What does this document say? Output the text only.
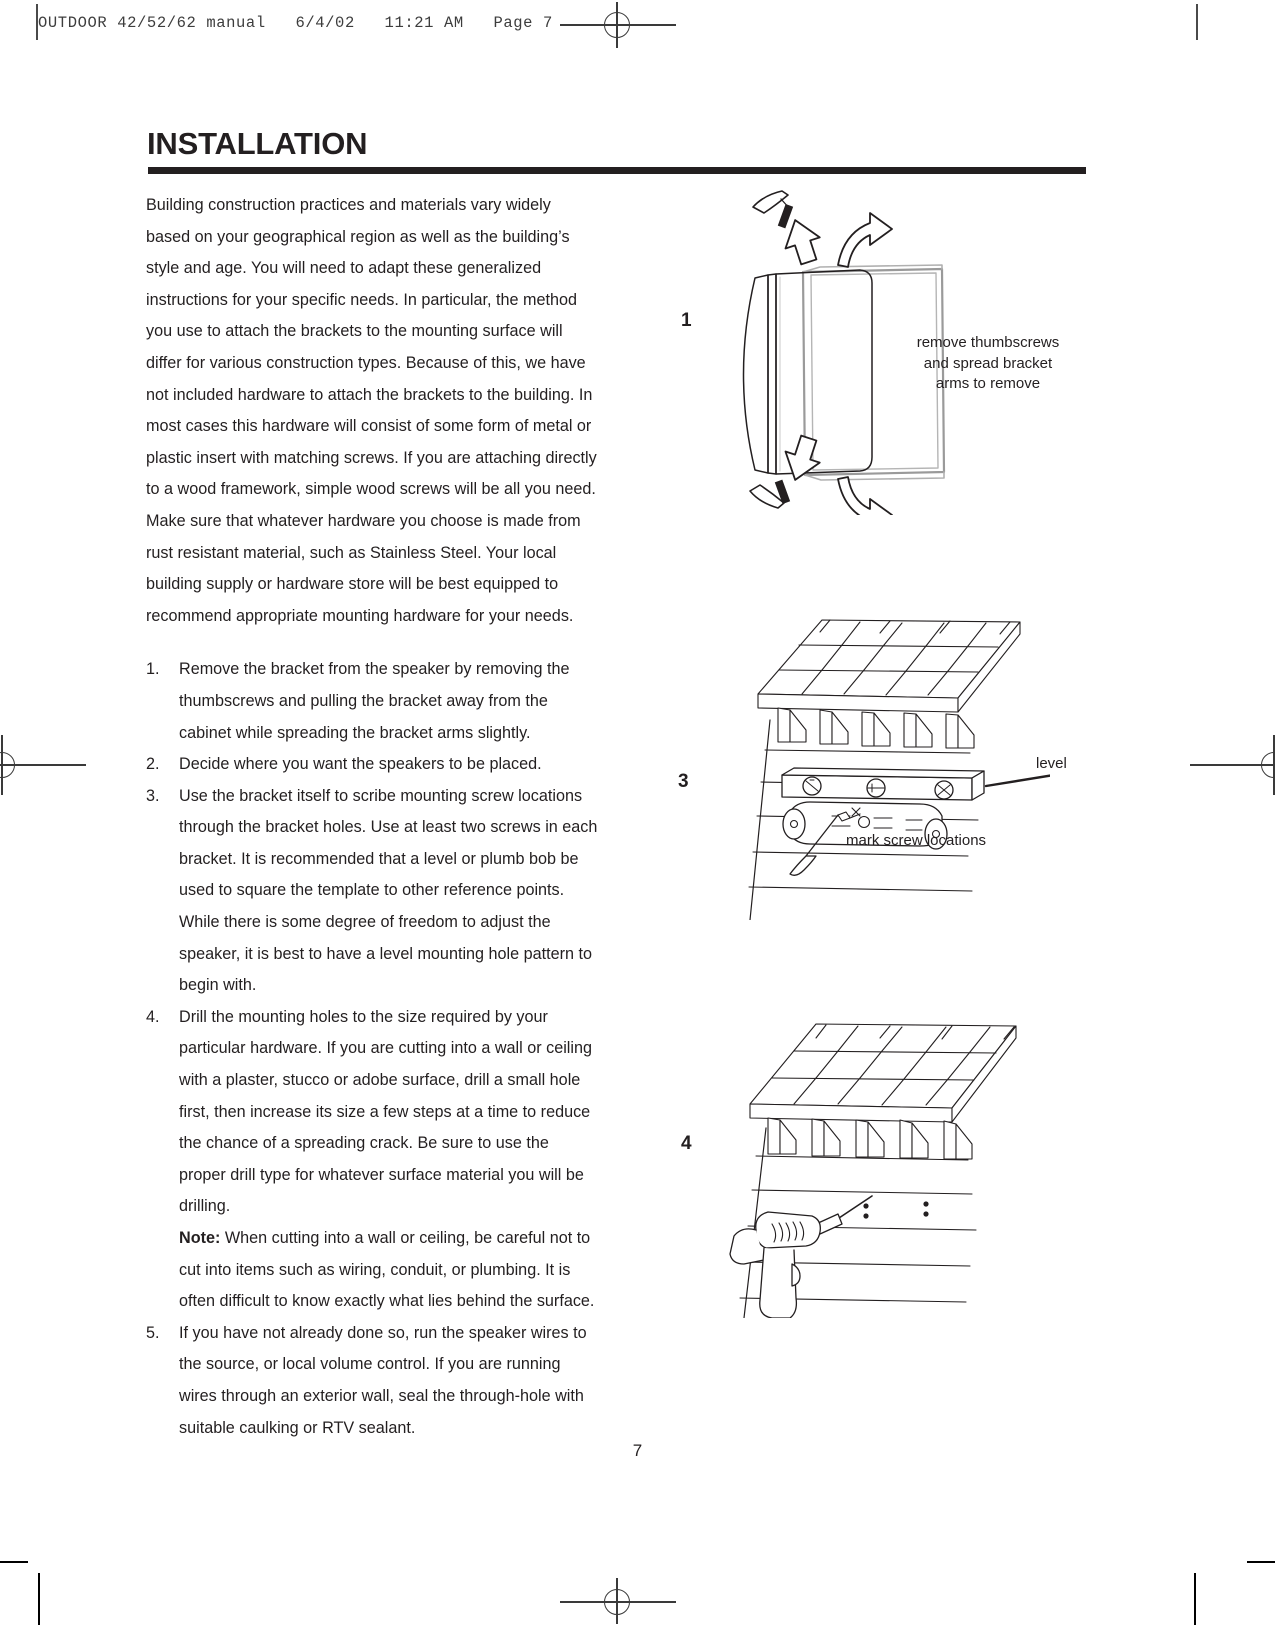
OUTDOOR 42/52/62 manual   6/4/02   11:21 AM   Page 7
INSTALLATION

Building construction practices and materials vary widely based on your geographical region as well as the building’s style and age. You will need to adapt these generalized instructions for your specific needs. In particular, the method you use to attach the brackets to the mounting surface will differ for various construction types. Because of this, we have not included hardware to attach the brackets to the building. In most cases this hardware will consist of some form of metal or plastic insert with matching screws. If you are attaching directly to a wood framework, simple wood screws will be all you need. Make sure that whatever hardware you choose is made from rust resistant material, such as Stainless Steel. Your local building supply or hardware store will be best equipped to recommend appropriate mounting hardware for your needs.

1.	Remove the bracket from the speaker by removing the thumbscrews and pulling the bracket away from the cabinet while spreading the bracket arms slightly.
2.	Decide where you want the speakers to be placed.
3.	Use the bracket itself to scribe mounting screw locations through the bracket holes. Use at least two screws in each bracket. It is recommended that a level or plumb bob be used to square the template to other reference points. While there is some degree of freedom to adjust the speaker, it is best to have a level mounting hole pattern to begin with.
4.	Drill the mounting holes to the size required by your particular hardware. If you are cutting into a wall or ceiling with a plaster, stucco or adobe surface, drill a small hole first, then increase its size a few steps at a time to reduce the chance of a spreading crack. Be sure to use the proper drill type for whatever surface material you will be drilling.
Note: When cutting into a wall or ceiling, be careful not to cut into items such as wiring, conduit, or plumbing. It is often difficult to know exactly what lies behind the surface.
5.	If you have not already done so, run the speaker wires to the source, or local volume control. If you are running wires through an exterior wall, seal the through-hole with suitable caulking or RTV sealant.
1
remove thumbscrews
and spread bracket
arms to remove
3
level
mark screw locations
4
7
